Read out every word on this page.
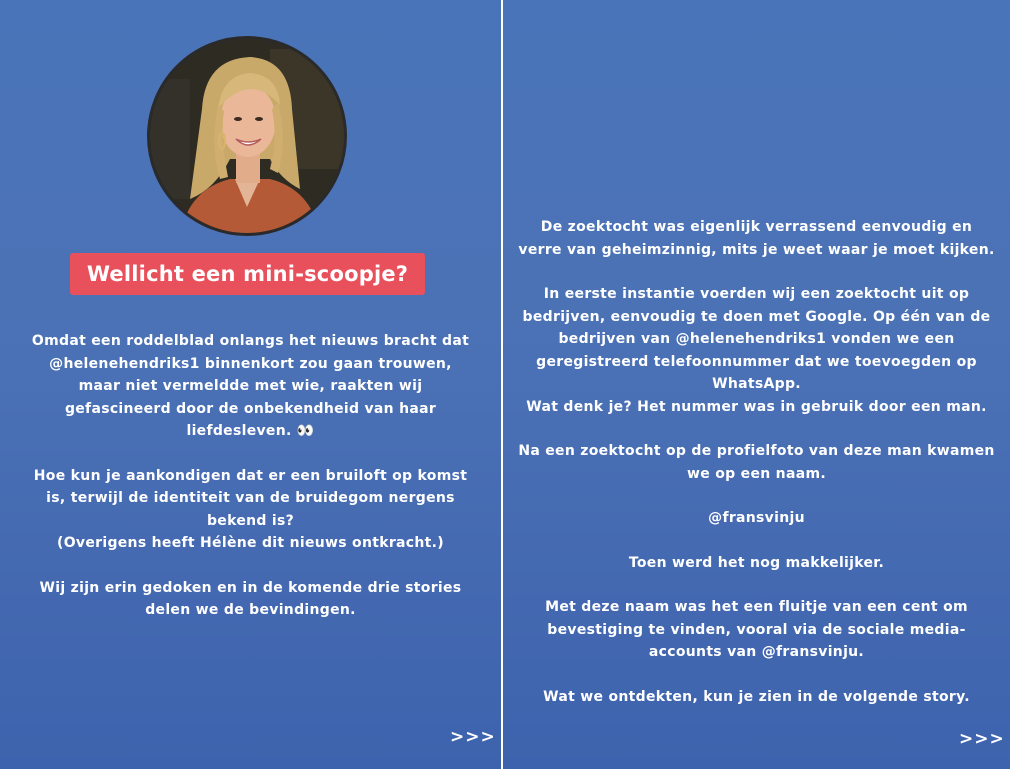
Wellicht een mini-scoopje?

Omdat een roddelblad onlangs het nieuws bracht dat

@helenehendriks1 binnenkort zou gaan trouwen,

maar niet vermeldde met wie, raakten wij

gefascineerd door de onbekendheid van haar

liefdesleven. 👀

Hoe kun je aankondigen dat er een bruiloft op komst

is, terwijl de identiteit van de bruidegom nergens

bekend is?

(Overigens heeft Hélène dit nieuws ontkracht.)

Wij zijn erin gedoken en in de komende drie stories

delen we de bevindingen.

>>>

De zoektocht was eigenlijk verrassend eenvoudig en

verre van geheimzinnig, mits je weet waar je moet kijken.

In eerste instantie voerden wij een zoektocht uit op

bedrijven, eenvoudig te doen met Google. Op één van de

bedrijven van @helenehendriks1 vonden we een

geregistreerd telefoonnummer dat we toevoegden op

WhatsApp.

Wat denk je? Het nummer was in gebruik door een man.

Na een zoektocht op de profielfoto van deze man kwamen

we op een naam.

@fransvinju

Toen werd het nog makkelijker.

Met deze naam was het een fluitje van een cent om

bevestiging te vinden, vooral via de sociale media-

accounts van @fransvinju.

Wat we ontdekten, kun je zien in de volgende story.

>>>
